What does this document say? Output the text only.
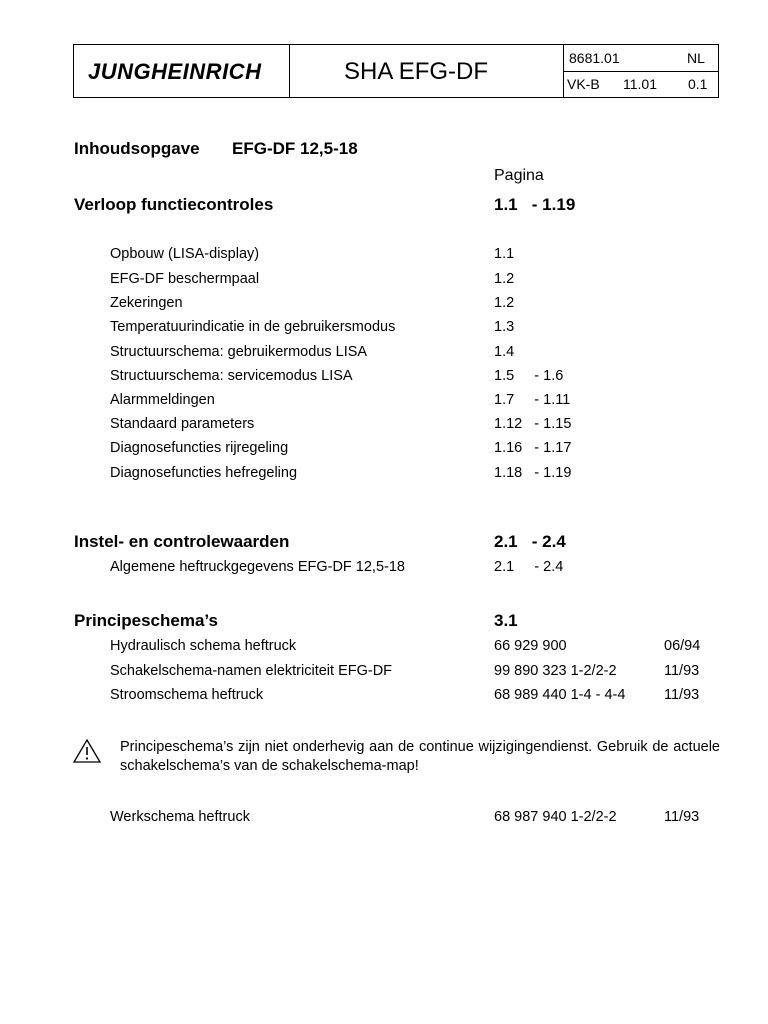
JUNGHEINRICH	SHA EFG-DF	8681.01	NL
VK-B 11.01 0.1
Inhoudsopgave EFG-DF 12,5-18
Pagina
Verloop functiecontroles	1.1   - 1.19
Opbouw (LISA-display)	1.1
EFG-DF beschermpaal	1.2
Zekeringen	1.2
Temperatuurindicatie in de gebruikersmodus	1.3
Structuurschema: gebruikermodus LISA	1.4
Structuurschema: servicemodus LISA	1.5     - 1.6
Alarmmeldingen	1.7     - 1.11
Standaard parameters	1.12   - 1.15
Diagnosefuncties rijregeling	1.16   - 1.17
Diagnosefuncties hefregeling	1.18   - 1.19
Instel- en controlewaarden	2.1   - 2.4
Algemene heftruckgegevens EFG-DF 12,5-18	2.1     - 2.4
Principeschema’s	3.1
Hydraulisch schema heftruck	66 929 900	06/94
Schakelschema-namen elektriciteit EFG-DF	99 890 323 1-2/2-2	11/93
Stroomschema heftruck	68 989 440 1-4 - 4-4	11/93
Principeschema’s zijn niet onderhevig aan de continue wijzigingendienst. Gebruik de actuele schakelschema’s van de schakelschema-map!
Werkschema heftruck	68 987 940 1-2/2-2	11/93
